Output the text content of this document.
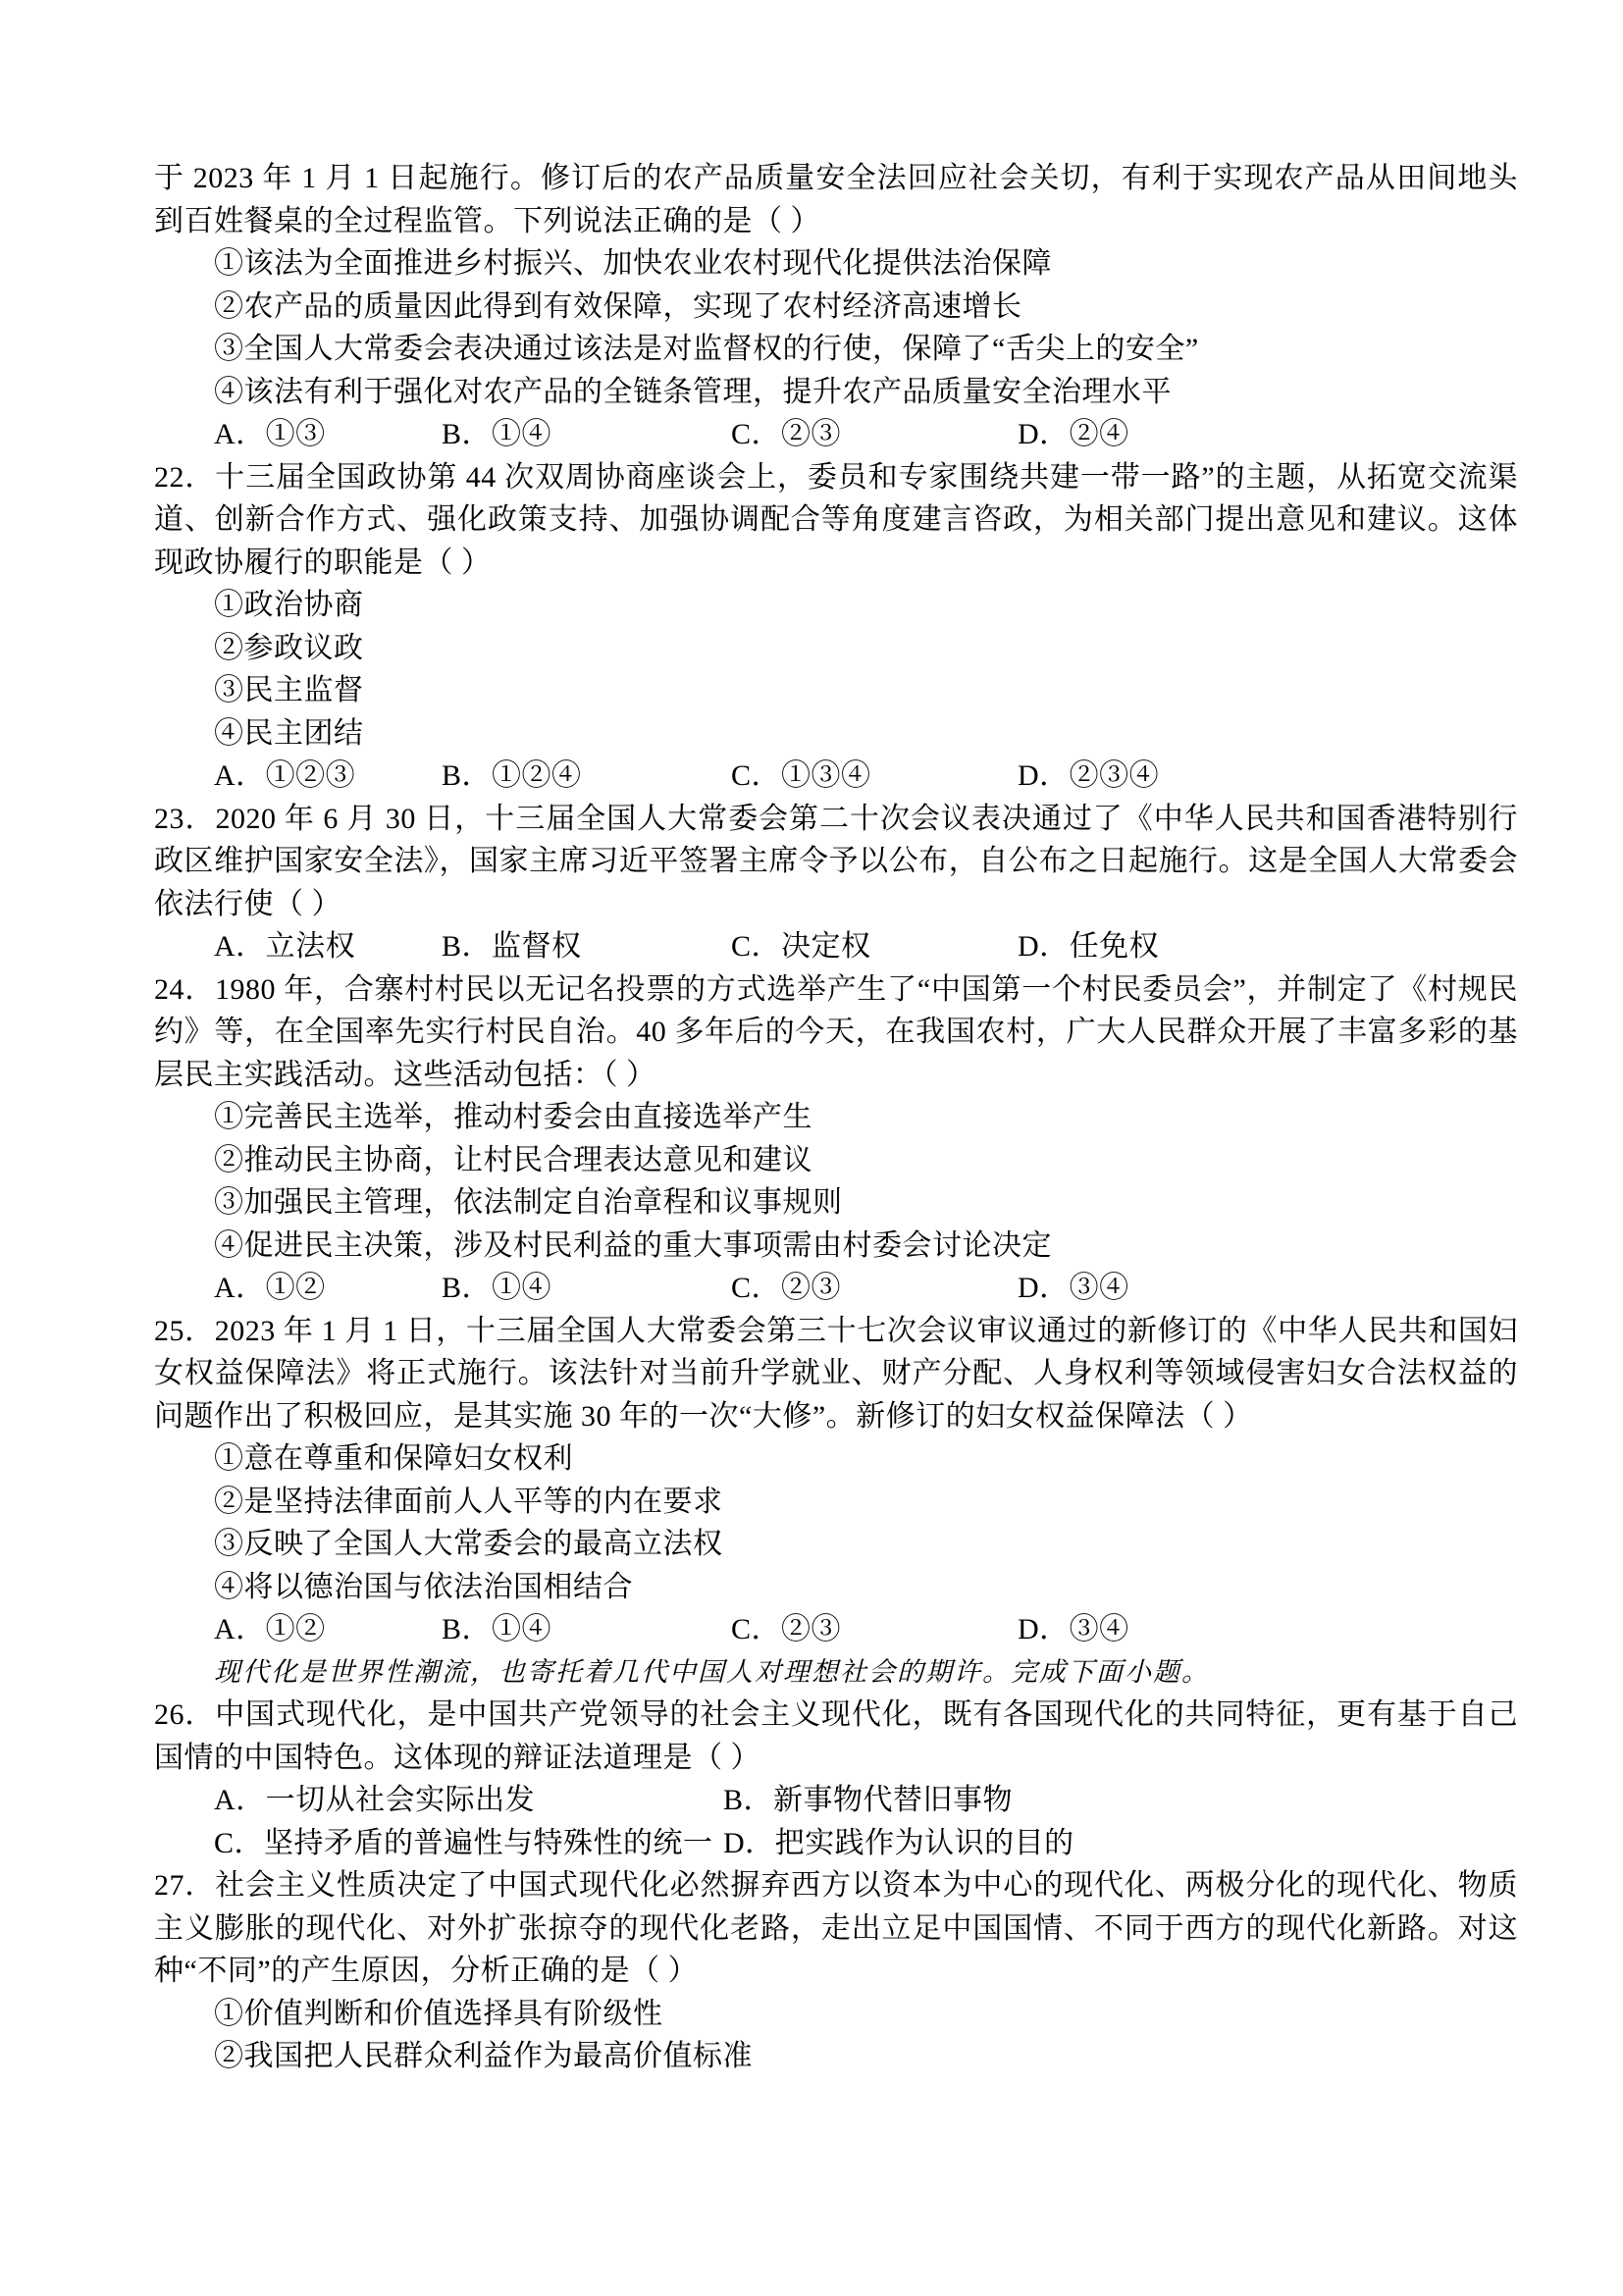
于 2023 年 1 月 1 日起施行。修订后的农产品质量安全法回应社会关切，有利于实现农产品从田间地头到百姓餐桌的全过程监管。下列说法正确的是（ ）
①该法为全面推进乡村振兴、加快农业农村现代化提供法治保障
②农产品的质量因此得到有效保障，实现了农村经济高速增长
③全国人大常委会表决通过该法是对监督权的行使，保障了“舌尖上的安全”
④该法有利于强化对农产品的全链条管理，提升农产品质量安全治理水平
A．①③	B．①④	C．②③	D．②④
22．十三届全国政协第 44 次双周协商座谈会上，委员和专家围绕共建一带一路”的主题，从拓宽交流渠道、创新合作方式、强化政策支持、加强协调配合等角度建言咨政，为相关部门提出意见和建议。这体现政协履行的职能是（ ）
①政治协商
②参政议政
③民主监督
④民主团结
A．①②③	B．①②④	C．①③④	D．②③④
23．2020 年 6 月 30 日，十三届全国人大常委会第二十次会议表决通过了《中华人民共和国香港特别行政区维护国家安全法》，国家主席习近平签署主席令予以公布，自公布之日起施行。这是全国人大常委会依法行使（ ）
A．立法权	B．监督权	C．决定权	D．任免权
24．1980 年，合寨村村民以无记名投票的方式选举产生了“中国第一个村民委员会”，并制定了《村规民约》等，在全国率先实行村民自治。40 多年后的今天，在我国农村，广大人民群众开展了丰富多彩的基层民主实践活动。这些活动包括：（ ）
①完善民主选举，推动村委会由直接选举产生
②推动民主协商，让村民合理表达意见和建议
③加强民主管理，依法制定自治章程和议事规则
④促进民主决策，涉及村民利益的重大事项需由村委会讨论决定
A．①②	B．①④	C．②③	D．③④
25．2023 年 1 月 1 日，十三届全国人大常委会第三十七次会议审议通过的新修订的《中华人民共和国妇女权益保障法》将正式施行。该法针对当前升学就业、财产分配、人身权利等领域侵害妇女合法权益的问题作出了积极回应，是其实施 30 年的一次“大修”。新修订的妇女权益保障法（ ）
①意在尊重和保障妇女权利
②是坚持法律面前人人平等的内在要求
③反映了全国人大常委会的最高立法权
④将以德治国与依法治国相结合
A．①②	B．①④	C．②③	D．③④
现代化是世界性潮流，也寄托着几代中国人对理想社会的期许。完成下面小题。
26．中国式现代化，是中国共产党领导的社会主义现代化，既有各国现代化的共同特征，更有基于自己国情的中国特色。这体现的辩证法道理是（ ）
A．一切从社会实际出发	B．新事物代替旧事物
C．坚持矛盾的普遍性与特殊性的统一 D．把实践作为认识的目的
27．社会主义性质决定了中国式现代化必然摒弃西方以资本为中心的现代化、两极分化的现代化、物质主义膨胀的现代化、对外扩张掠夺的现代化老路，走出立足中国国情、不同于西方的现代化新路。对这种“不同”的产生原因，分析正确的是（ ）
①价值判断和价值选择具有阶级性
②我国把人民群众利益作为最高价值标准
